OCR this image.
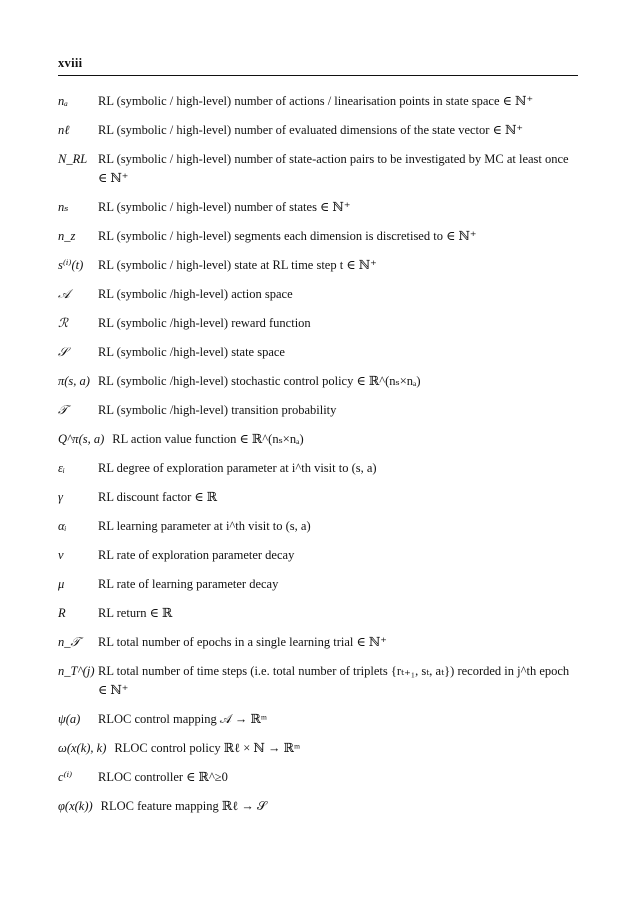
xviii
nₐ	RL (symbolic / high-level) number of actions / linearisation points in state space ∈ ℕ⁺
nℓ	RL (symbolic / high-level) number of evaluated dimensions of the state vector ∈ ℕ⁺
N_RL RL (symbolic / high-level) number of state-action pairs to be investigated by MC at least once ∈ ℕ⁺
nₛ	RL (symbolic / high-level) number of states ∈ ℕ⁺
n_z	RL (symbolic / high-level) segments each dimension is discretised to ∈ ℕ⁺
s⁽ⁱ⁾(t)	RL (symbolic / high-level) state at RL time step t ∈ ℕ⁺
𝒜	RL (symbolic /high-level) action space
ℛ	RL (symbolic /high-level) reward function
𝒮	RL (symbolic /high-level) state space
π(s, a) RL (symbolic /high-level) stochastic control policy ∈ ℝ^(nₛ×nₐ)
𝒯	RL (symbolic /high-level) transition probability
Q^π(s, a) RL action value function ∈ ℝ^(nₛ×nₐ)
εᵢ	RL degree of exploration parameter at i^th visit to (s, a)
γ	RL discount factor ∈ ℝ
αᵢ	RL learning parameter at i^th visit to (s, a)
ν	RL rate of exploration parameter decay
μ	RL rate of learning parameter decay
R	RL return ∈ ℝ
n_𝒯	RL total number of epochs in a single learning trial ∈ ℕ⁺
n_T^(j) RL total number of time steps (i.e. total number of triplets {rₜ₊₁, sₜ, aₜ}) recorded in j^th epoch ∈ ℕ⁺
ψ(a)	RLOC control mapping 𝒜 → ℝᵐ
ω(x(k), k) RLOC control policy ℝℓ × ℕ → ℝᵐ
c⁽ⁱ⁾	RLOC controller ∈ ℝ^≥0
φ(x(k)) RLOC feature mapping ℝℓ → 𝒮
